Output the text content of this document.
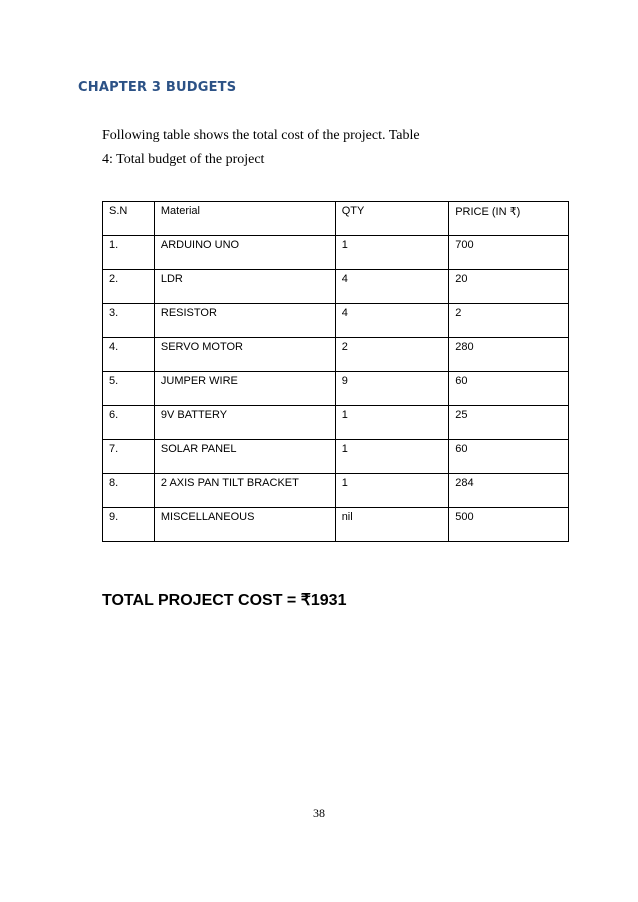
CHAPTER 3 BUDGETS
Following table shows the total cost of the project. Table
4: Total budget of the project
S.N	Material	QTY	PRICE (IN ₹)
1.	ARDUINO UNO	1	700
2.	LDR	4	20
3.	RESISTOR	4	2
4.	SERVO MOTOR	2	280
5.	JUMPER WIRE	9	60
6.	9V BATTERY	1	25
7.	SOLAR PANEL	1	60
8.	2 AXIS PAN TILT BRACKET	1	284
9.	MISCELLANEOUS	nil	500
TOTAL PROJECT COST = ₹1931
38
